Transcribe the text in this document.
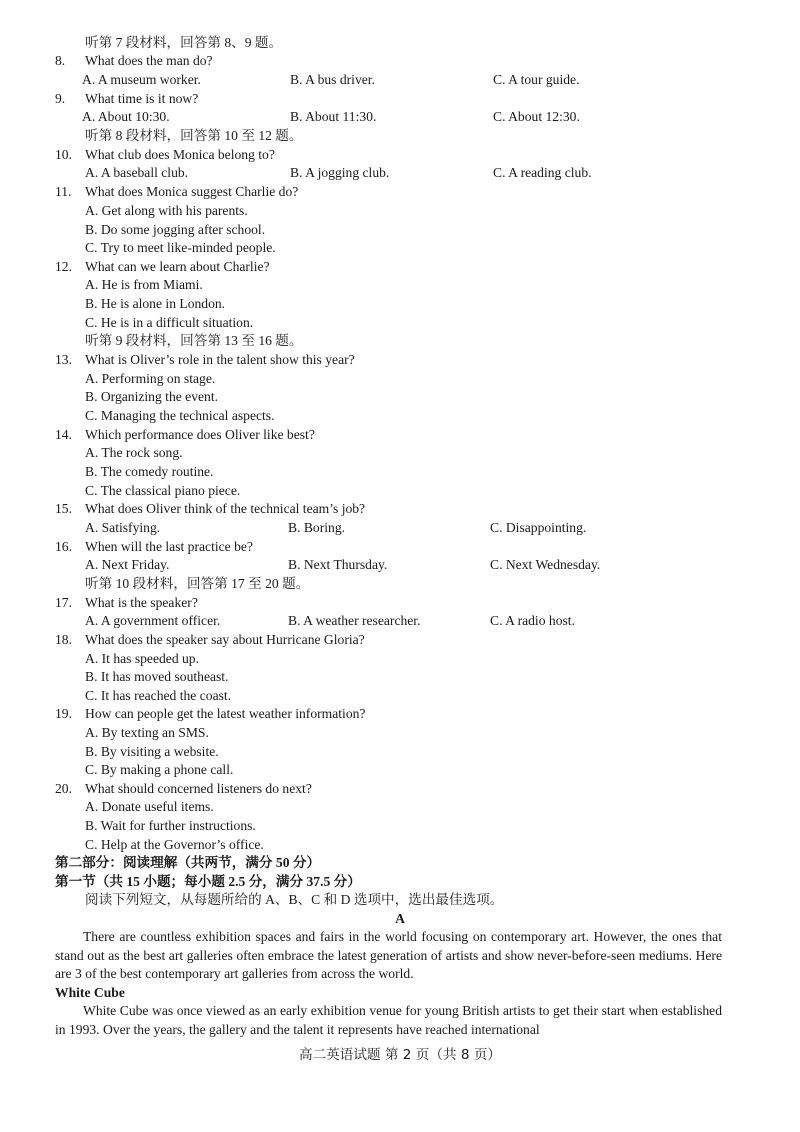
听第 7 段材料，回答第 8、9 题。
8. What does the man do?
A. A museum worker.	B. A bus driver.	C. A tour guide.
9. What time is it now?
A. About 10:30.	B. About 11:30.	C. About 12:30.
听第 8 段材料，回答第 10 至 12 题。
10. What club does Monica belong to?
A. A baseball club.	B. A jogging club.	C. A reading club.
11. What does Monica suggest Charlie do?
A. Get along with his parents.
B. Do some jogging after school.
C. Try to meet like-minded people.
12. What can we learn about Charlie?
A. He is from Miami.
B. He is alone in London.
C. He is in a difficult situation.
听第 9 段材料，回答第 13 至 16 题。
13. What is Oliver’s role in the talent show this year?
A. Performing on stage.
B. Organizing the event.
C. Managing the technical aspects.
14. Which performance does Oliver like best?
A. The rock song.
B. The comedy routine.
C. The classical piano piece.
15. What does Oliver think of the technical team’s job?
A. Satisfying.	B. Boring.	C. Disappointing.
16. When will the last practice be?
A. Next Friday.	B. Next Thursday.	C. Next Wednesday.
听第 10 段材料，回答第 17 至 20 题。
17. What is the speaker?
A. A government officer.	B. A weather researcher.	C. A radio host.
18. What does the speaker say about Hurricane Gloria?
A. It has speeded up.
B. It has moved southeast.
C. It has reached the coast.
19. How can people get the latest weather information?
A. By texting an SMS.
B. By visiting a website.
C. By making a phone call.
20. What should concerned listeners do next?
A. Donate useful items.
B. Wait for further instructions.
C. Help at the Governor’s office.
第二部分：阅读理解（共两节，满分 50 分）
第一节（共 15 小题；每小题 2.5 分，满分 37.5 分）
阅读下列短文，从每题所给的 A、B、C 和 D 选项中，选出最佳选项。
A
There are countless exhibition spaces and fairs in the world focusing on contemporary art. However, the ones that stand out as the best art galleries often embrace the latest generation of artists and show never-before-seen mediums. Here are 3 of the best contemporary art galleries from across the world.
White Cube
White Cube was once viewed as an early exhibition venue for young British artists to get their start when established in 1993. Over the years, the gallery and the talent it represents have reached international
高二英语试题 第 2 页（共 8 页）
